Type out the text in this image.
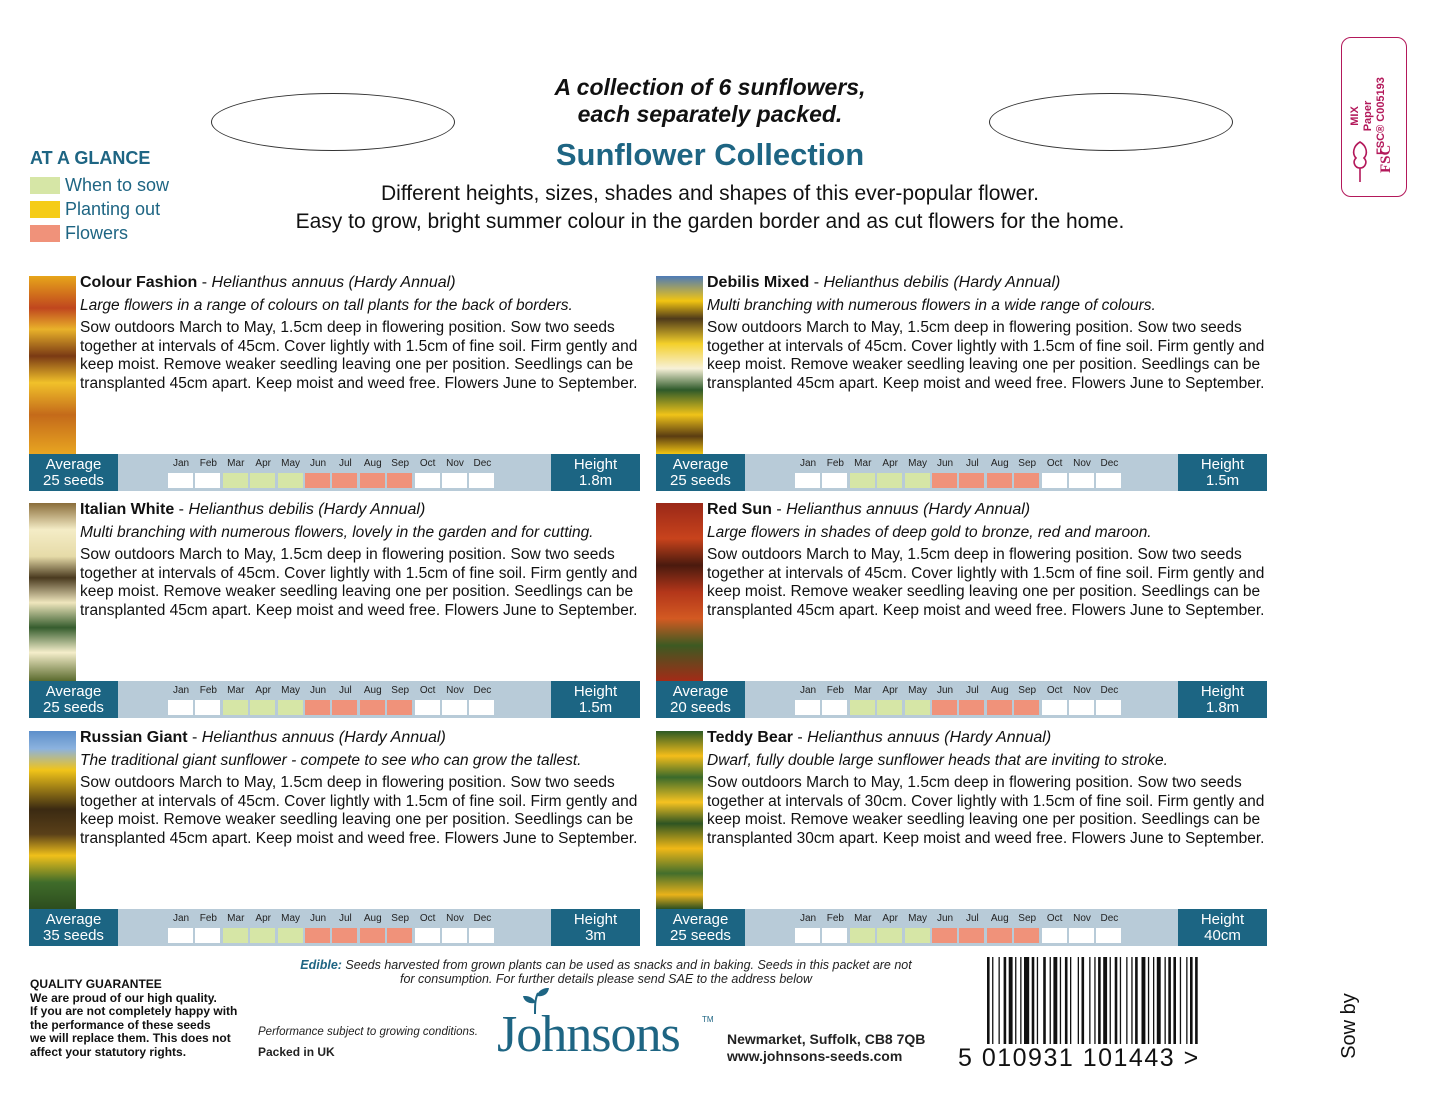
A collection of 6 sunflowers,
each separately packed.
Sunflower Collection
Different heights, sizes, shades and shapes of this ever-popular flower.
Easy to grow, bright summer colour in the garden border and as cut flowers for the home.
AT A GLANCE
When to sow
Planting out
Flowers
MIX Paper FSC® C005193
FSC
Colour Fashion - Helianthus annuus (Hardy Annual)
Large flowers in a range of colours on tall plants for the back of borders.
Sow outdoors March to May, 1.5cm deep in flowering position. Sow two seeds together at intervals of 45cm. Cover lightly with 1.5cm of fine soil. Firm gently and keep moist. Remove weaker seedling leaving one per position. Seedlings can be transplanted 45cm apart. Keep moist and weed free. Flowers June to September.
Average
25 seeds
Jan	Feb	Mar	Apr	May Jun	Jul	Aug Sep	Oct	Nov Dec	Height
1.8m
Debilis Mixed - Helianthus debilis (Hardy Annual)
Multi branching with numerous flowers in a wide range of colours.
Sow outdoors March to May, 1.5cm deep in flowering position. Sow two seeds together at intervals of 45cm. Cover lightly with 1.5cm of fine soil. Firm gently and keep moist. Remove weaker seedling leaving one per position. Seedlings can be transplanted 45cm apart. Keep moist and weed free. Flowers June to September.
Average
25 seeds
Jan	Feb	Mar	Apr	May Jun	Jul	Aug Sep	Oct	Nov Dec	Height
1.5m
Italian White - Helianthus debilis (Hardy Annual)
Multi branching with numerous flowers, lovely in the garden and for cutting.
Sow outdoors March to May, 1.5cm deep in flowering position. Sow two seeds together at intervals of 45cm. Cover lightly with 1.5cm of fine soil. Firm gently and keep moist. Remove weaker seedling leaving one per position. Seedlings can be transplanted 45cm apart. Keep moist and weed free. Flowers June to September.
Average
25 seeds
Jan	Feb	Mar	Apr	May Jun	Jul	Aug Sep	Oct	Nov Dec	Height
1.5m
Red Sun - Helianthus annuus (Hardy Annual)
Large flowers in shades of deep gold to bronze, red and maroon.
Sow outdoors March to May, 1.5cm deep in flowering position. Sow two seeds together at intervals of 45cm. Cover lightly with 1.5cm of fine soil. Firm gently and keep moist. Remove weaker seedling leaving one per position. Seedlings can be transplanted 45cm apart. Keep moist and weed free. Flowers June to September.
Average
20 seeds
Jan	Feb	Mar	Apr	May Jun	Jul	Aug Sep	Oct	Nov Dec	Height
1.8m
Russian Giant - Helianthus annuus (Hardy Annual)
The traditional giant sunflower - compete to see who can grow the tallest.
Sow outdoors March to May, 1.5cm deep in flowering position. Sow two seeds together at intervals of 45cm. Cover lightly with 1.5cm of fine soil. Firm gently and keep moist. Remove weaker seedling leaving one per position. Seedlings can be transplanted 45cm apart. Keep moist and weed free. Flowers June to September.
Average
35 seeds
Jan	Feb	Mar	Apr	May Jun	Jul	Aug Sep	Oct	Nov Dec	Height
3m
Teddy Bear - Helianthus annuus (Hardy Annual)
Dwarf, fully double large sunflower heads that are inviting to stroke.
Sow outdoors March to May, 1.5cm deep in flowering position. Sow two seeds together at intervals of 30cm. Cover lightly with 1.5cm of fine soil. Firm gently and keep moist. Remove weaker seedling leaving one per position. Seedlings can be transplanted 30cm apart. Keep moist and weed free. Flowers June to September.
Average
25 seeds
Jan	Feb	Mar	Apr	May Jun	Jul	Aug Sep	Oct	Nov Dec	Height
40cm
QUALITY GUARANTEE
We are proud of our high quality.
If you are not completely happy with
the performance of these seeds
we will replace them. This does not
affect your statutory rights.
Edible: Seeds harvested from grown plants can be used as snacks and in baking. Seeds in this packet are not
for consumption. For further details please send SAE to the address below
Performance subject to growing conditions.
Packed in UK	Johnsons	TM
Newmarket, Suffolk, CB8 7QB
www.johnsons-seeds.com	5 010931 101443 >	Sow by
